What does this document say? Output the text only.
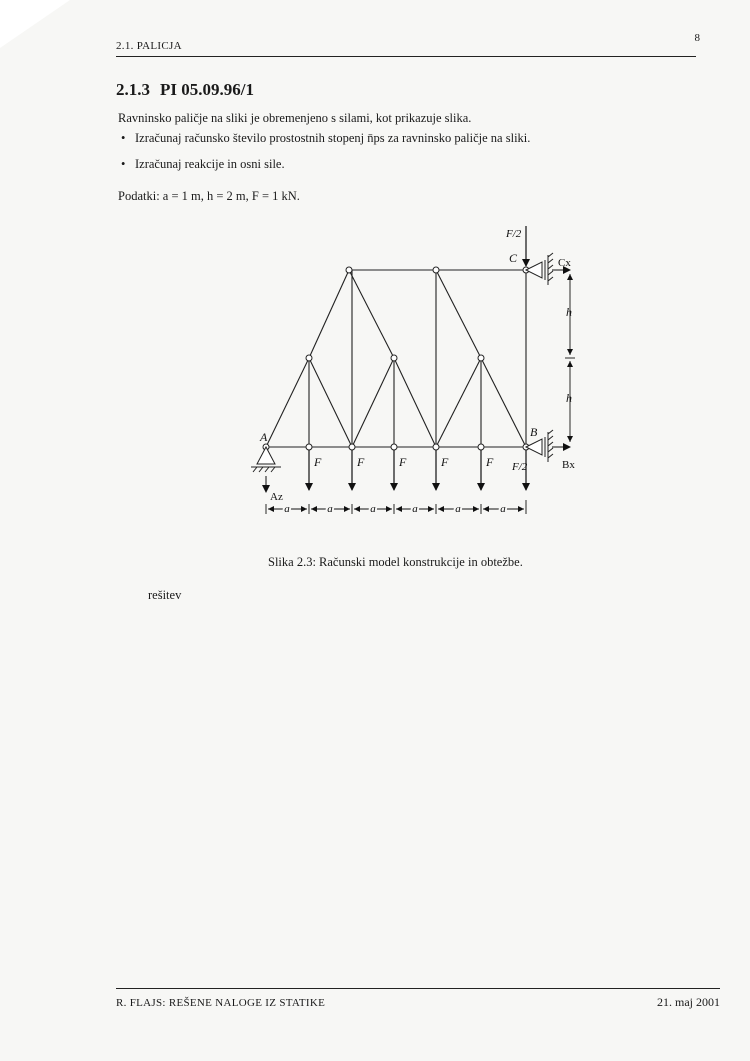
2.1. PALICJA
8
2.1.3 PI 05.09.96/1

Ravninsko paličje na sliki je obremenjeno s silami, kot prikazuje slika.

• Izračunaj računsko število prostostnih stopenj n̄ps za ravninsko paličje na sliki.
• Izračunaj reakcije in osni sile.

Podatki: a = 1 m, h = 2 m, F = 1 kN.

F	F	F	F	F F/2
F/2
A	B
C
Az
Bx
Cx
h
h
a	a	a	a	a	a

Slika 2.3: Računski model konstrukcije in obtežbe.

rešitev

R. FLAJS: REŠENE NALOGE IZ STATIKE	21. maj 2001
